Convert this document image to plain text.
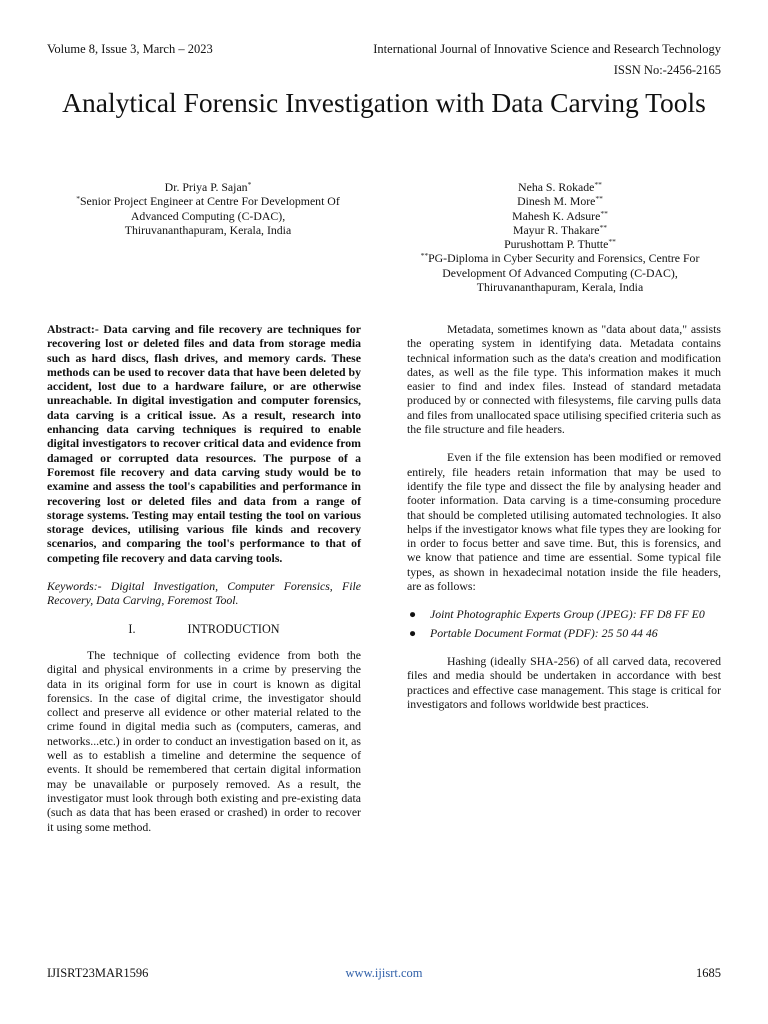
Volume 8, Issue 3, March – 2023	International Journal of Innovative Science and Research Technology
ISSN No:-2456-2165
Analytical Forensic Investigation with Data Carving Tools
Dr. Priya P. Sajan*
*Senior Project Engineer at Centre For Development Of
Advanced Computing (C-DAC),
Thiruvananthapuram, Kerala, India
Neha S. Rokade**
Dinesh M. More**
Mahesh K. Adsure**
Mayur R. Thakare**
Purushottam P. Thutte**
**PG-Diploma in Cyber Security and Forensics, Centre For
Development Of Advanced Computing (C-DAC),
Thiruvananthapuram, Kerala, India

Abstract:- Data carving and file recovery are techniques for recovering lost or deleted files and data from storage media such as hard discs, flash drives, and memory cards. These methods can be used to recover data that have been deleted by accident, lost due to a hardware failure, or are otherwise unreachable. In digital investigation and computer forensics, data carving is a critical issue. As a result, research into enhancing data carving techniques is required to enable digital investigators to recover critical data and evidence from damaged or corrupted data resources. The purpose of a Foremost file recovery and data carving study would be to examine and assess the tool's capabilities and performance in recovering lost or deleted files and data from a range of storage systems. Testing may entail testing the tool on various storage devices, utilising various file kinds and recovery scenarios, and comparing the tool's performance to that of competing file recovery and data carving tools.

Keywords:- Digital Investigation, Computer Forensics, File Recovery, Data Carving, Foremost Tool.

I.	INTRODUCTION

The technique of collecting evidence from both the digital and physical environments in a crime by preserving the data in its original form for use in court is known as digital forensics. In the case of digital crime, the investigator should collect and preserve all evidence or other material related to the crime found in digital media such as (computers, cameras, and networks...etc.) in order to conduct an investigation based on it, as well as to establish a timeline and determine the sequence of events. It should be remembered that certain digital information may be unavailable or purposely removed. As a result, the investigator must look through both existing and pre-existing data (such as data that has been erased or crashed) in order to recover it using some method.

Metadata, sometimes known as "data about data," assists the operating system in identifying data. Metadata contains technical information such as the data's creation and modification dates, as well as the file type. This information makes it much easier to find and index files. Instead of standard metadata produced by or connected with filesystems, file carving pulls data and files from unallocated space utilising specified criteria such as the file structure and file headers.

Even if the file extension has been modified or removed entirely, file headers retain information that may be used to identify the file type and dissect the file by analysing header and footer information. Data carving is a time-consuming procedure that should be completed utilising automated technologies. It also helps if the investigator knows what file types they are looking for in order to focus better and save time. But, this is forensics, and we know that patience and time are essential. Some typical file types, as shown in hexadecimal notation inside the file headers, are as follows:

● Joint Photographic Experts Group (JPEG): FF D8 FF E0
● Portable Document Format (PDF): 25 50 44 46

Hashing (ideally SHA-256) of all carved data, recovered files and media should be undertaken in accordance with best practices and effective case management. This stage is critical for investigators and follows worldwide best practices.

IJISRT23MAR1596	www.ijisrt.com	1685
